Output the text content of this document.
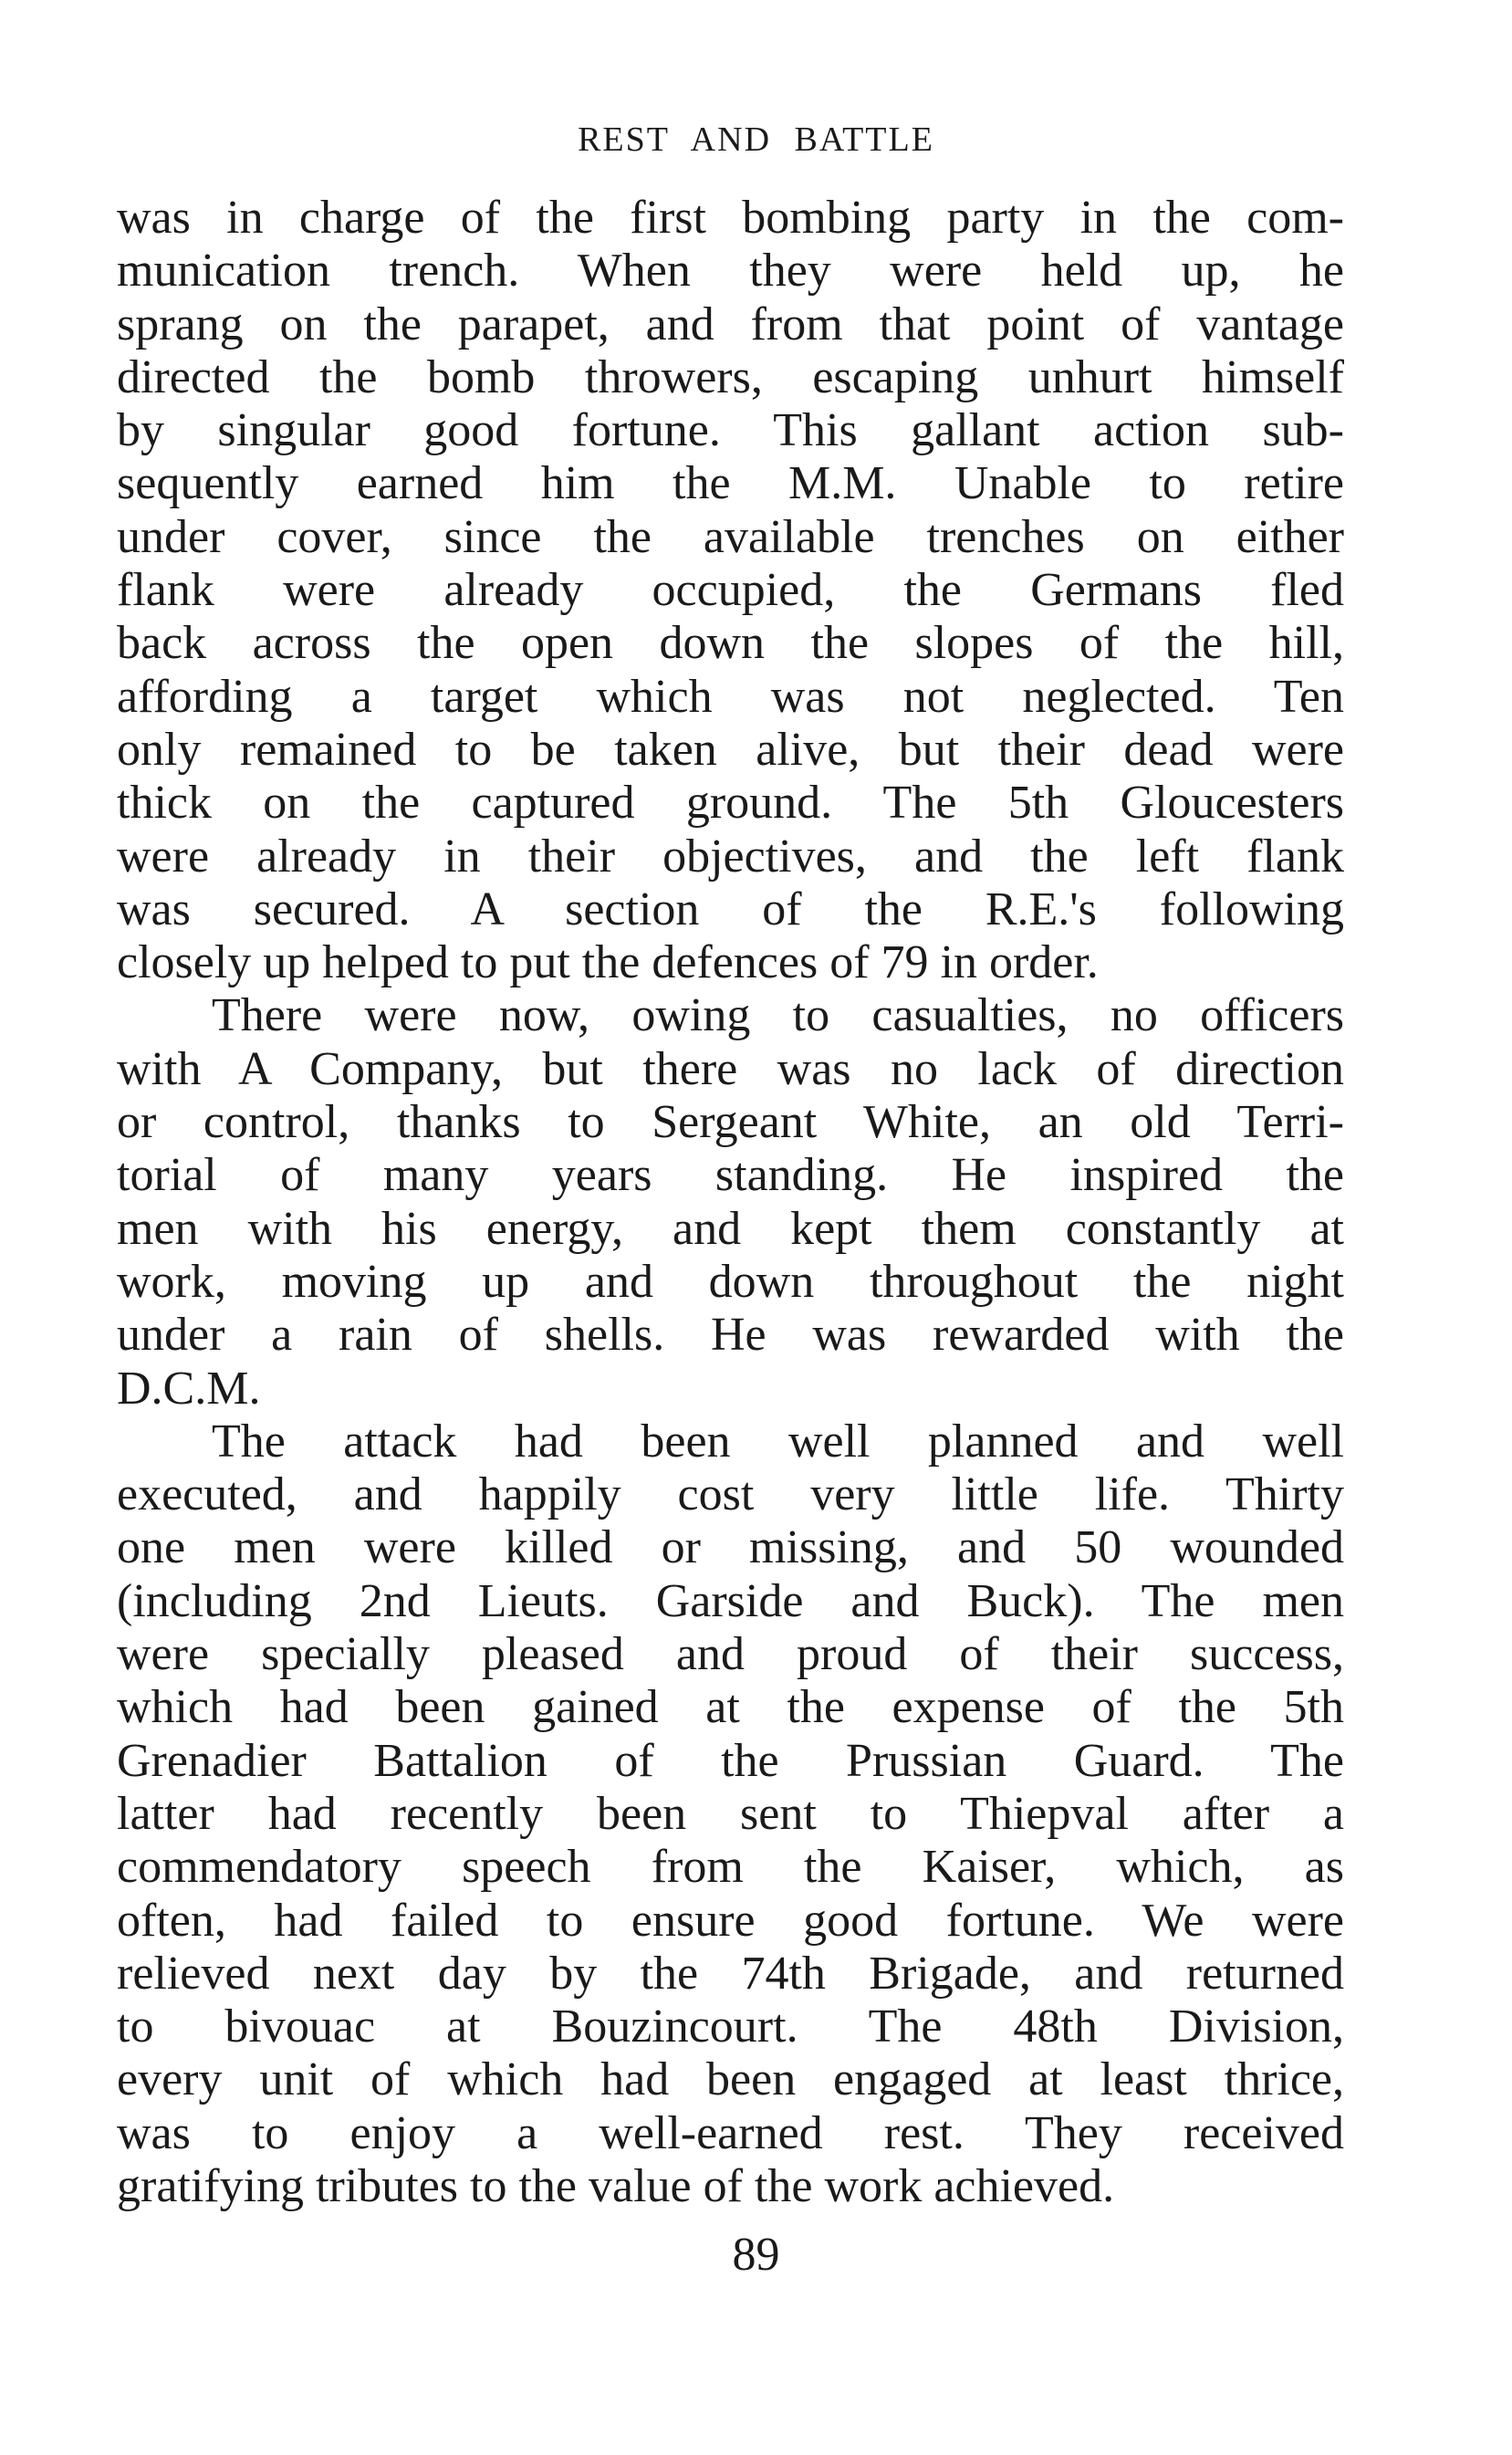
REST AND BATTLE
was in charge of the first bombing party in the com-
munication trench. When they were held up, he
sprang on the parapet, and from that point of vantage
directed the bomb throwers, escaping unhurt himself
by singular good fortune. This gallant action sub-
sequently earned him the M.M. Unable to retire
under cover, since the available trenches on either
flank were already occupied, the Germans fled
back across the open down the slopes of the hill,
affording a target which was not neglected. Ten
only remained to be taken alive, but their dead were
thick on the captured ground. The 5th Gloucesters
were already in their objectives, and the left flank
was secured. A section of the R.E.'s following
closely up helped to put the defences of 79 in order.
There were now, owing to casualties, no officers
with A Company, but there was no lack of direction
or control, thanks to Sergeant White, an old Terri-
torial of many years standing. He inspired the
men with his energy, and kept them constantly at
work, moving up and down throughout the night
under a rain of shells. He was rewarded with the
D.C.M.
The attack had been well planned and well
executed, and happily cost very little life. Thirty
one men were killed or missing, and 50 wounded
(including 2nd Lieuts. Garside and Buck). The men
were specially pleased and proud of their success,
which had been gained at the expense of the 5th
Grenadier Battalion of the Prussian Guard. The
latter had recently been sent to Thiepval after a
commendatory speech from the Kaiser, which, as
often, had failed to ensure good fortune. We were
relieved next day by the 74th Brigade, and returned
to bivouac at Bouzincourt. The 48th Division,
every unit of which had been engaged at least thrice,
was to enjoy a well-earned rest. They received
gratifying tributes to the value of the work achieved.
89
